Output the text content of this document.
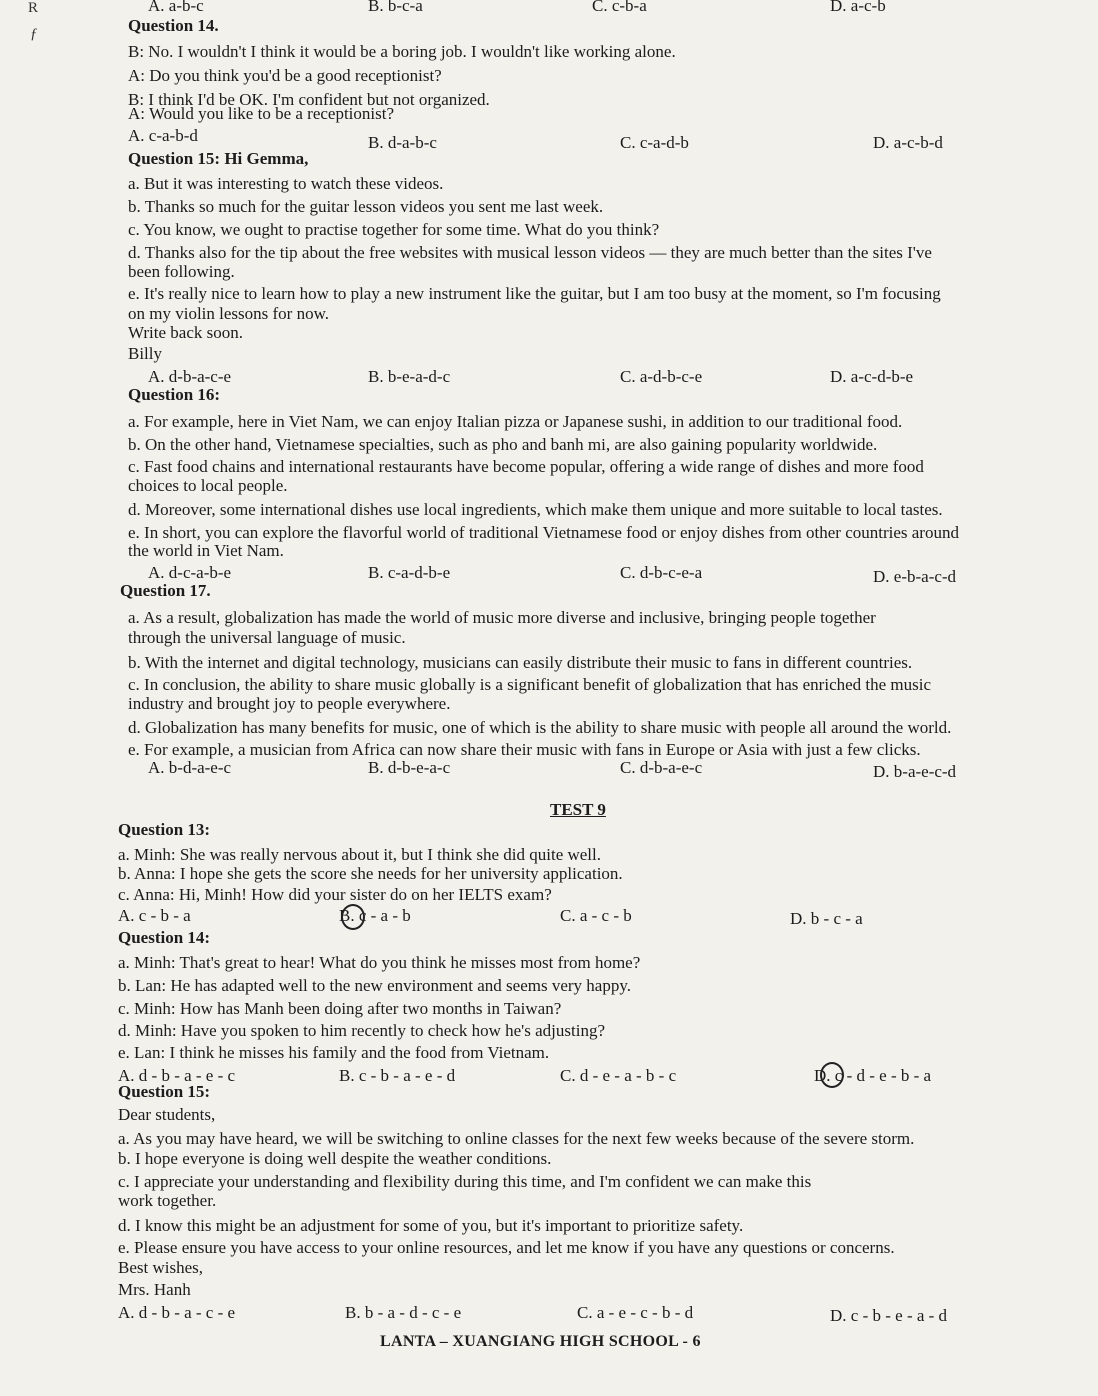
R
ƒ
A. a-b-c	B. b-c-a	C. c-b-a	D. a-c-b
Question 14.
B: No. I wouldn't I think it would be a boring job. I wouldn't like working alone.
A: Do you think you'd be a good receptionist?
B: I think I'd be OK. I'm confident but not organized.
A: Would you like to be a receptionist?
A. c-a-b-d	B. d-a-b-c	C. c-a-d-b	D. a-c-b-d
Question 15: Hi Gemma,
a. But it was interesting to watch these videos.
b. Thanks so much for the guitar lesson videos you sent me last week.
c. You know, we ought to practise together for some time. What do you think?
d. Thanks also for the tip about the free websites with musical lesson videos — they are much better than the sites I've
been following.
e. It's really nice to learn how to play a new instrument like the guitar, but I am too busy at the moment, so I'm focusing
on my violin lessons for now.
Write back soon.
Billy
A. d-b-a-c-e	B. b-e-a-d-c	C. a-d-b-c-e	D. a-c-d-b-e
Question 16:
a. For example, here in Viet Nam, we can enjoy Italian pizza or Japanese sushi, in addition to our traditional food.
b. On the other hand, Vietnamese specialties, such as pho and banh mi, are also gaining popularity worldwide.
c. Fast food chains and international restaurants have become popular, offering a wide range of dishes and more food
choices to local people.
d. Moreover, some international dishes use local ingredients, which make them unique and more suitable to local tastes.
e. In short, you can explore the flavorful world of traditional Vietnamese food or enjoy dishes from other countries around
the world in Viet Nam.
A. d-c-a-b-e	B. c-a-d-b-e	C. d-b-c-e-a	D. e-b-a-c-d
Question 17.
a. As a result, globalization has made the world of music more diverse and inclusive, bringing people together
through the universal language of music.
b. With the internet and digital technology, musicians can easily distribute their music to fans in different countries.
c. In conclusion, the ability to share music globally is a significant benefit of globalization that has enriched the music
industry and brought joy to people everywhere.
d. Globalization has many benefits for music, one of which is the ability to share music with people all around the world.
e. For example, a musician from Africa can now share their music with fans in Europe or Asia with just a few clicks.
A. b-d-a-e-c	B. d-b-e-a-c	C. d-b-a-e-c	D. b-a-e-c-d
TEST 9
Question 13:
a. Minh: She was really nervous about it, but I think she did quite well.
b. Anna: I hope she gets the score she needs for her university application.
c. Anna: Hi, Minh! How did your sister do on her IELTS exam?
A. c - b - a	B. c - a - b	C. a - c - b	D. b - c - a
Question 14:
a. Minh: That's great to hear! What do you think he misses most from home?
b. Lan: He has adapted well to the new environment and seems very happy.
c. Minh: How has Manh been doing after two months in Taiwan?
d. Minh: Have you spoken to him recently to check how he's adjusting?
e. Lan: I think he misses his family and the food from Vietnam.
A. d - b - a - e - c	B. c - b - a - e - d	C. d - e - a - b - c	D. c - d - e - b - a
Question 15:
Dear students,
a. As you may have heard, we will be switching to online classes for the next few weeks because of the severe storm.
b. I hope everyone is doing well despite the weather conditions.
c. I appreciate your understanding and flexibility during this time, and I'm confident we can make this
work together.
d. I know this might be an adjustment for some of you, but it's important to prioritize safety.
e. Please ensure you have access to your online resources, and let me know if you have any questions or concerns.
Best wishes,
Mrs. Hanh
A. d - b - a - c - e	B. b - a - d - c - e	C. a - e - c - b - d	D. c - b - e - a - d
LANTA – XUANGIANG HIGH SCHOOL - 6
